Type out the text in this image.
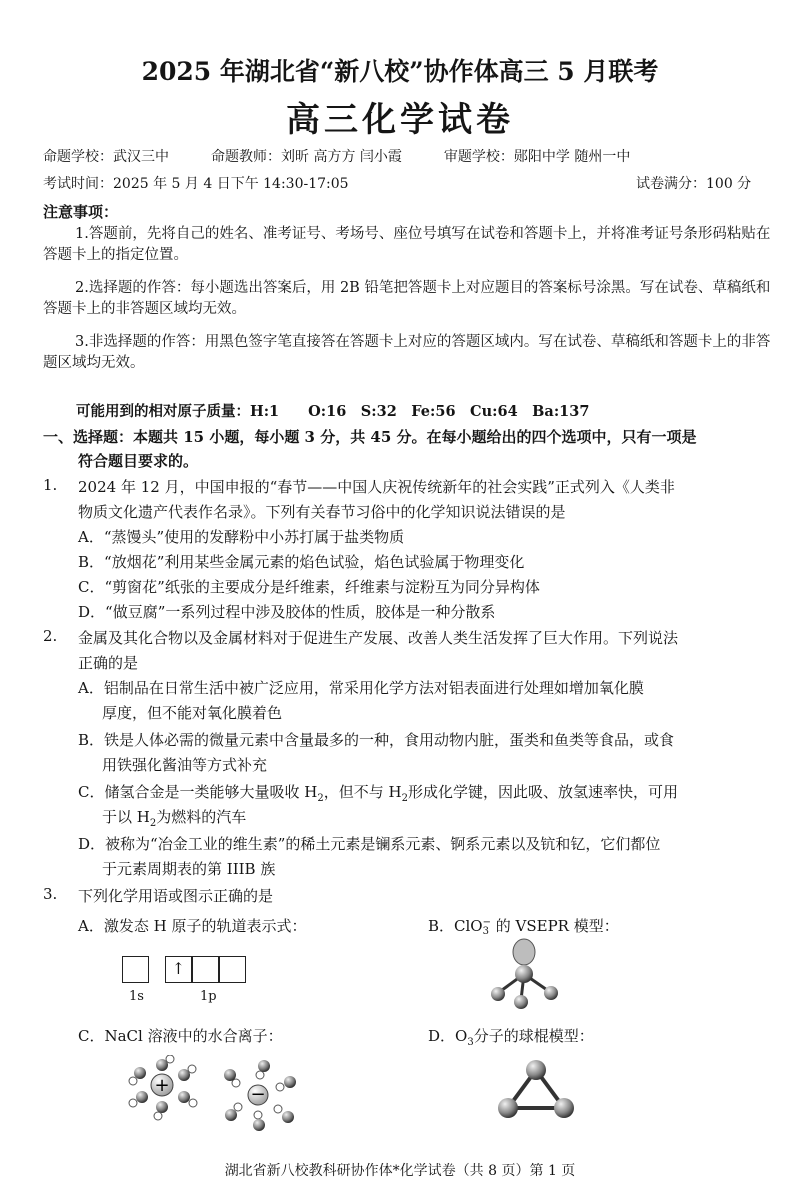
2025 年湖北省“新八校”协作体高三 5 月联考
高三化学试卷
命题学校：武汉三中　　　命题教师：刘昕 高方方 闫小霞　　　审题学校：郧阳中学 随州一中
考试时间：2025 年 5 月 4 日下午 14:30-17:05	试卷满分：100 分
注意事项：
1.答题前，先将自己的姓名、准考证号、考场号、座位号填写在试卷和答题卡上，并将准考证号条形码粘贴在答题卡上的指定位置。
2.选择题的作答：每小题选出答案后，用 2B 铅笔把答题卡上对应题目的答案标号涂黑。写在试卷、草稿纸和答题卡上的非答题区域均无效。
3.非选择题的作答：用黑色签字笔直接答在答题卡上对应的答题区域内。写在试卷、草稿纸和答题卡上的非答题区域均无效。
可能用到的相对原子质量：H:1　　O:16　S:32　Fe:56　Cu:64　Ba:137
一、选择题：本题共 15 小题，每小题 3 分，共 45 分。在每小题给出的四个选项中，只有一项是
符合题目要求的。
1. 2024 年 12 月，中国申报的“春节——中国人庆祝传统新年的社会实践”正式列入《人类非
物质文化遗产代表作名录》。下列有关春节习俗中的化学知识说法错误的是
A．“蒸馒头”使用的发酵粉中小苏打属于盐类物质
B．“放烟花”利用某些金属元素的焰色试验，焰色试验属于物理变化
C．“剪窗花”纸张的主要成分是纤维素，纤维素与淀粉互为同分异构体
D．“做豆腐”一系列过程中涉及胶体的性质，胶体是一种分散系
2. 金属及其化合物以及金属材料对于促进生产发展、改善人类生活发挥了巨大作用。下列说法
正确的是
A．铝制品在日常生活中被广泛应用，常采用化学方法对铝表面进行处理如增加氧化膜
厚度，但不能对氧化膜着色
B．铁是人体必需的微量元素中含量最多的一种，食用动物内脏，蛋类和鱼类等食品，或食
用铁强化酱油等方式补充
C．储氢合金是一类能够大量吸收 $H_2$，但不与 $H_2$形成化学键，因此吸、放氢速率快，可用
于以 $H_2$为燃料的汽车
D．被称为“冶金工业的维生素”的稀土元素是镧系元素、锕系元素以及钪和钇，它们都位
于元素周期表的第 IIIB 族
3. 下列化学用语或图示正确的是
A．激发态 H 原子的轨道表示式：	B．ClO −
3 的 VSEPR 模型：
↑
1s	1p
C．NaCl 溶液中的水合离子：	D．$O_3$分子的球棍模型：
+	−
湖北省新八校教科研协作体*化学试卷（共 8 页）第 1 页
